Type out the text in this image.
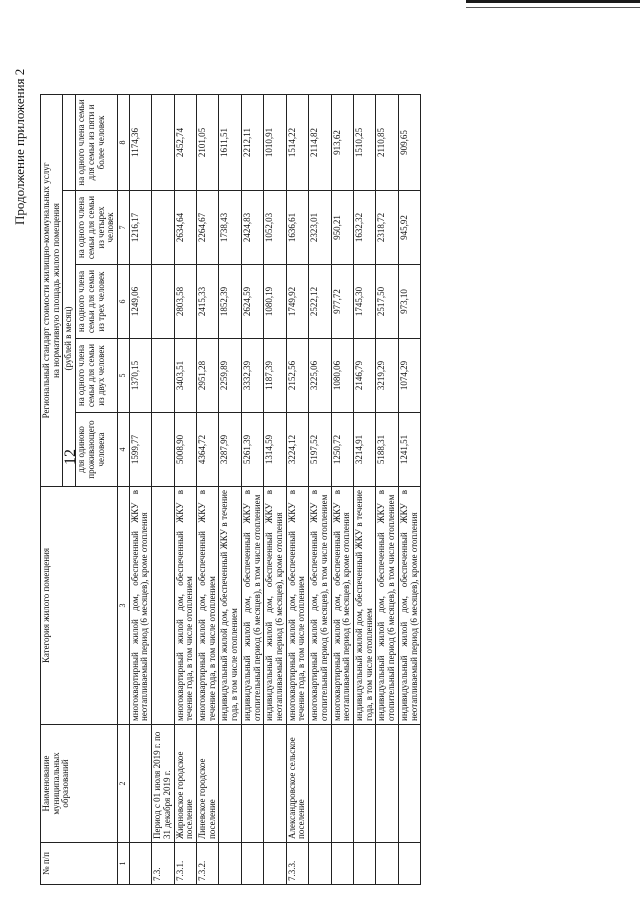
12
Продолжение приложения 2
№ п/п	Наименование муниципальных образований	Категория жилого помещения	Региональный стандарт стоимости жилищно-коммунальных услуг
на нормативную площадь жилого помещения				
			(рублей в месяц)				
			для одиноко проживающего человека	на одного члена семьи для семьи из двух человек	на одного члена семьи для семьи из трех человек	на одного члена семьи для семьи из четырех человек	на одного члена семьи для семьи из пяти и более человек
1	2	3	4	5	6	7	8
		многоквартирный жилой дом, обеспеченный ЖКУ в неотапливаемый период (6 месяцев), кроме отопления	1599,77	1370,15	1249,06	1216,17	1174,36
7.3.	Период с 01 июля 2019 г. по 31 декабря 2019 г.						
7.3.1.	Жирновское городское поселение	многоквартирный жилой дом, обеспеченный ЖКУ в течение года, в том числе отоплением	5008,90	3403,51	2803,58	2634,64	2452,74
7.3.2.	Линевское городское поселение	многоквартирный жилой дом, обеспеченный ЖКУ в течение года, в том числе отоплением	4364,72	2951,28	2415,33	2264,67	2101,05
		индивидуальный жилой дом, обеспеченный ЖКУ в течение года, в том числе отоплением	3287,99	2259,89	1852,39	1738,43	1611,51
		индивидуальный жилой дом, обеспеченный ЖКУ в отопительный период (6 месяцев), в том числе отоплением	5261,39	3332,39	2624,59	2424,83	2212,11
		индивидуальный жилой дом, обеспеченный ЖКУ в неотапливаемый период (6 месяцев), кроме отопления	1314,59	1187,39	1080,19	1052,03	1010,91
7.3.3.	Александровское сельское поселение	многоквартирный жилой дом, обеспеченный ЖКУ в течение года, в том числе отоплением	3224,12	2152,56	1749,92	1636,61	1514,22
		многоквартирный жилой дом, обеспеченный ЖКУ в отопительный период (6 месяцев), в том числе отоплением	5197,52	3225,06	2522,12	2323,01	2114,82
		многоквартирный жилой дом, обеспеченный ЖКУ в неотапливаемый период (6 месяцев), кроме отопления	1250,72	1080,06	977,72	950,21	913,62
		индивидуальный жилой дом, обеспеченный ЖКУ в течение года, в том числе отоплением	3214,91	2146,79	1745,30	1632,32	1510,25
		индивидуальный жилой дом, обеспеченный ЖКУ в отопительный период (6 месяцев), в том числе отоплением	5188,31	3219,29	2517,50	2318,72	2110,85
		индивидуальный жилой дом, обеспеченный ЖКУ в неотапливаемый период (6 месяцев), кроме отопления	1241,51	1074,29	973,10	945,92	909,65
